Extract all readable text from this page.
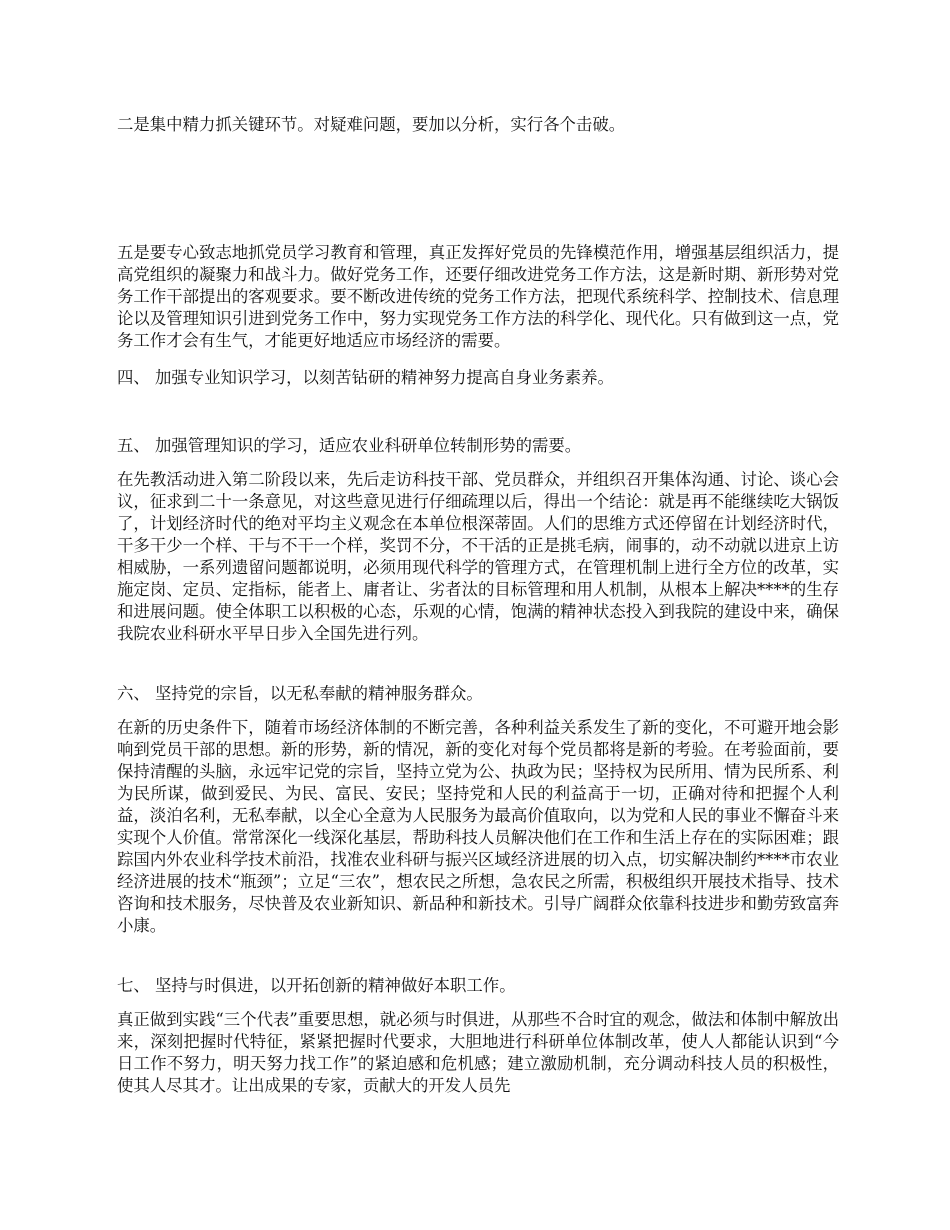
二是集中精力抓关键环节。对疑难问题，要加以分析，实行各个击破。

五是要专心致志地抓党员学习教育和管理，真正发挥好党员的先锋模范作用，增强基层组织活力，提高党组织的凝聚力和战斗力。做好党务工作，还要仔细改进党务工作方法，这是新时期、新形势对党务工作干部提出的客观要求。要不断改进传统的党务工作方法，把现代系统科学、控制技术、信息理论以及管理知识引进到党务工作中，努力实现党务工作方法的科学化、现代化。只有做到这一点，党务工作才会有生气，才能更好地适应市场经济的需要。

四、 加强专业知识学习，以刻苦钻研的精神努力提高自身业务素养。

五、 加强管理知识的学习，适应农业科研单位转制形势的需要。

在先教活动进入第二阶段以来，先后走访科技干部、党员群众，并组织召开集体沟通、讨论、谈心会议，征求到二十一条意见，对这些意见进行仔细疏理以后，得出一个结论：就是再不能继续吃大锅饭了，计划经济时代的绝对平均主义观念在本单位根深蒂固。人们的思维方式还停留在计划经济时代，干多干少一个样、干与不干一个样，奖罚不分，不干活的正是挑毛病，闹事的，动不动就以进京上访相威胁，一系列遗留问题都说明，必须用现代科学的管理方式，在管理机制上进行全方位的改革，实施定岗、定员、定指标，能者上、庸者让、劣者汰的目标管理和用人机制，从根本上解决****的生存和进展问题。使全体职工以积极的心态，乐观的心情，饱满的精神状态投入到我院的建设中来，确保我院农业科研水平早日步入全国先进行列。

六、 坚持党的宗旨，以无私奉献的精神服务群众。

在新的历史条件下，随着市场经济体制的不断完善，各种利益关系发生了新的变化，不可避开地会影响到党员干部的思想。新的形势，新的情况，新的变化对每个党员都将是新的考验。在考验面前，要保持清醒的头脑，永远牢记党的宗旨，坚持立党为公、执政为民；坚持权为民所用、情为民所系、利为民所谋，做到爱民、为民、富民、安民；坚持党和人民的利益高于一切，正确对待和把握个人利益，淡泊名利，无私奉献，以全心全意为人民服务为最高价值取向，以为党和人民的事业不懈奋斗来实现个人价值。常常深化一线深化基层，帮助科技人员解决他们在工作和生活上存在的实际困难；跟踪国内外农业科学技术前沿，找准农业科研与振兴区域经济进展的切入点，切实解决制约****市农业经济进展的技术“瓶颈”；立足“三农”，想农民之所想，急农民之所需，积极组织开展技术指导、技术咨询和技术服务，尽快普及农业新知识、新品种和新技术。引导广阔群众依靠科技进步和勤劳致富奔小康。

七、 坚持与时俱进，以开拓创新的精神做好本职工作。

真正做到实践“三个代表”重要思想，就必须与时俱进，从那些不合时宜的观念，做法和体制中解放出来，深刻把握时代特征，紧紧把握时代要求，大胆地进行科研单位体制改革，使人人都能认识到“今日工作不努力，明天努力找工作”的紧迫感和危机感；建立激励机制，充分调动科技人员的积极性，使其人尽其才。让出成果的专家，贡献大的开发人员先
